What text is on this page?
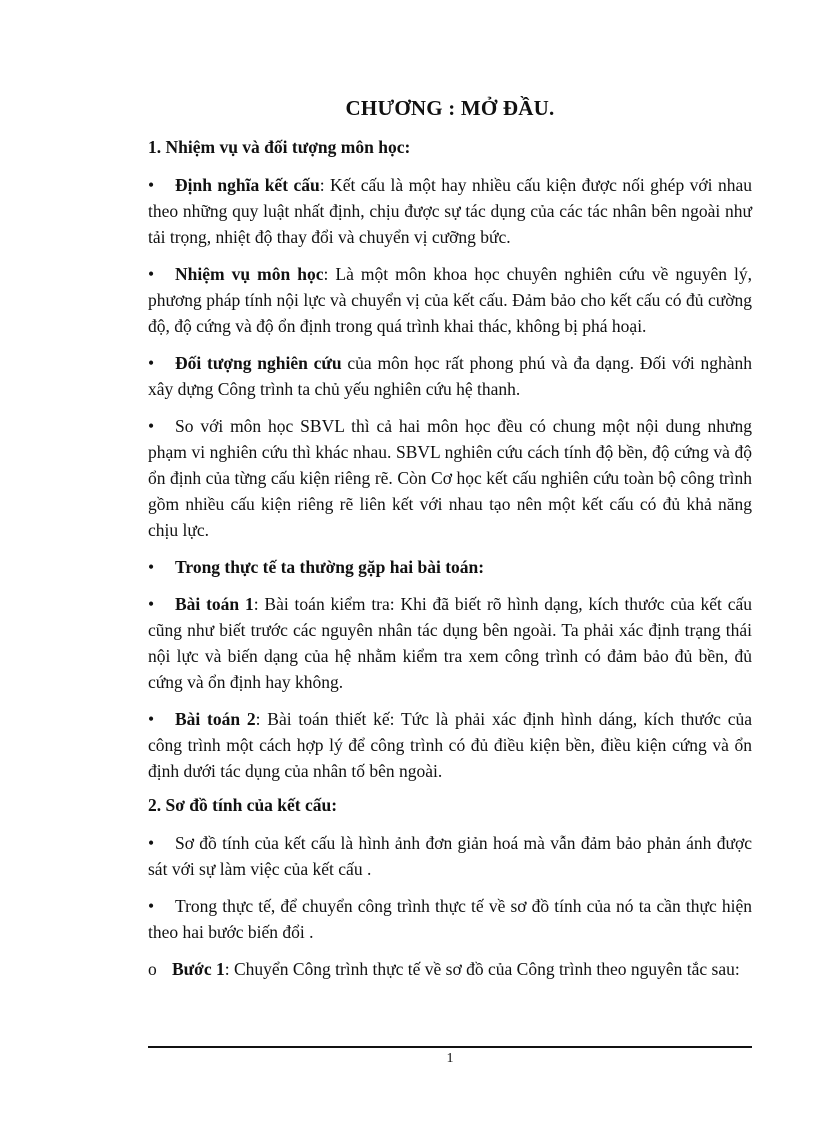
CHƯƠNG : MỞ ĐẦU.
1. Nhiệm vụ và đối tượng môn học:

• Định nghĩa kết cấu: Kết cấu là một hay nhiều cấu kiện được nối ghép với nhau theo những quy luật nhất định, chịu được sự tác dụng của các tác nhân bên ngoài như tải trọng, nhiệt độ thay đổi và chuyển vị cưỡng bức.

• Nhiệm vụ môn học: Là một môn khoa học chuyên nghiên cứu về nguyên lý, phương pháp tính nội lực và chuyển vị của kết cấu. Đảm bảo cho kết cấu có đủ cường độ, độ cứng và độ ổn định trong quá trình khai thác, không bị phá hoại.

• Đối tượng nghiên cứu của môn học rất phong phú và đa dạng. Đối với nghành xây dựng Công trình ta chủ yếu nghiên cứu hệ thanh.

• So với môn học SBVL thì cả hai môn học đều có chung một nội dung nhưng phạm vi nghiên cứu thì khác nhau. SBVL nghiên cứu cách tính độ bền, độ cứng và độ ổn định của từng cấu kiện riêng rẽ. Còn Cơ học kết cấu nghiên cứu toàn bộ công trình gồm nhiều cấu kiện riêng rẽ liên kết với nhau tạo nên một kết cấu có đủ khả năng chịu lực.

• Trong thực tế ta thường gặp hai bài toán:

• Bài toán 1: Bài toán kiểm tra: Khi đã biết rõ hình dạng, kích thước của kết cấu cũng như biết trước các nguyên nhân tác dụng bên ngoài. Ta phải xác định trạng thái nội lực và biến dạng của hệ nhằm kiểm tra xem công trình có đảm bảo đủ bền, đủ cứng và ổn định hay không.

• Bài toán 2: Bài toán thiết kế: Tức là phải xác định hình dáng, kích thước của công trình một cách hợp lý để công trình có đủ điều kiện bền, điều kiện cứng và ổn định dưới tác dụng của nhân tố bên ngoài.

2. Sơ đồ tính của kết cấu:

• Sơ đồ tính của kết cấu là hình ảnh đơn giản hoá mà vẫn đảm bảo phản ánh được sát với sự làm việc của kết cấu .

• Trong thực tế, để chuyển công trình thực tế về sơ đồ tính của nó ta cần thực hiện theo hai bước biến đổi .

o Bước 1: Chuyển Công trình thực tế về sơ đồ của Công trình theo nguyên tắc sau:

1
